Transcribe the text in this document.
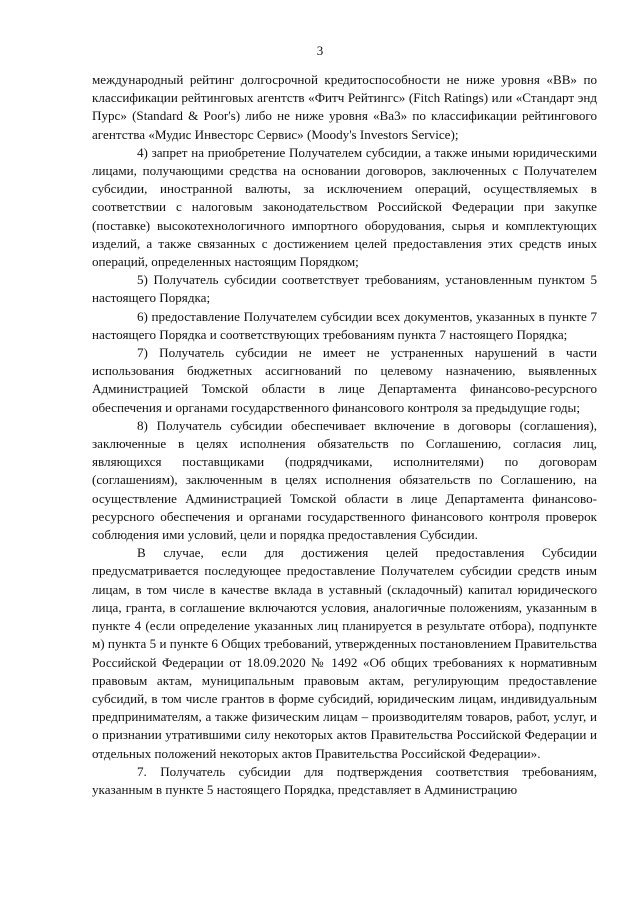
3

международный рейтинг долгосрочной кредитоспособности не ниже уровня «BB» по классификации рейтинговых агентств «Фитч Рейтингс» (Fitch Ratings) или «Стандарт энд Пурс» (Standard & Poor's) либо не ниже уровня «Ba3» по классификации рейтингового агентства «Мудис Инвесторс Сервис» (Moody's Investors Service);

4) запрет на приобретение Получателем субсидии, а также иными юридическими лицами, получающими средства на основании договоров, заключенных с Получателем субсидии, иностранной валюты, за исключением операций, осуществляемых в соответствии с налоговым законодательством Российской Федерации при закупке (поставке) высокотехнологичного импортного оборудования, сырья и комплектующих изделий, а также связанных с достижением целей предоставления этих средств иных операций, определенных настоящим Порядком;

5) Получатель субсидии соответствует требованиям, установленным пунктом 5 настоящего Порядка;

6) предоставление Получателем субсидии всех документов, указанных в пункте 7 настоящего Порядка и соответствующих требованиям пункта 7 настоящего Порядка;

7) Получатель субсидии не имеет не устраненных нарушений в части использования бюджетных ассигнований по целевому назначению, выявленных Администрацией Томской области в лице Департамента финансово-ресурсного обеспечения и органами государственного финансового контроля за предыдущие годы;

8) Получатель субсидии обеспечивает включение в договоры (соглашения), заключенные в целях исполнения обязательств по Соглашению, согласия лиц, являющихся поставщиками (подрядчиками, исполнителями) по договорам (соглашениям), заключенным в целях исполнения обязательств по Соглашению, на осуществление Администрацией Томской области в лице Департамента финансово-ресурсного обеспечения и органами государственного финансового контроля проверок соблюдения ими условий, цели и порядка предоставления Субсидии.

В случае, если для достижения целей предоставления Субсидии предусматривается последующее предоставление Получателем субсидии средств иным лицам, в том числе в качестве вклада в уставный (складочный) капитал юридического лица, гранта, в соглашение включаются условия, аналогичные положениям, указанным в пункте 4 (если определение указанных лиц планируется в результате отбора), подпункте м) пункта 5 и пункте 6 Общих требований, утвержденных постановлением Правительства Российской Федерации от 18.09.2020 № 1492 «Об общих требованиях к нормативным правовым актам, муниципальным правовым актам, регулирующим предоставление субсидий, в том числе грантов в форме субсидий, юридическим лицам, индивидуальным предпринимателям, а также физическим лицам – производителям товаров, работ, услуг, и о признании утратившими силу некоторых актов Правительства Российской Федерации и отдельных положений некоторых актов Правительства Российской Федерации».

7. Получатель субсидии для подтверждения соответствия требованиям, указанным в пункте 5 настоящего Порядка, представляет в Администрацию
